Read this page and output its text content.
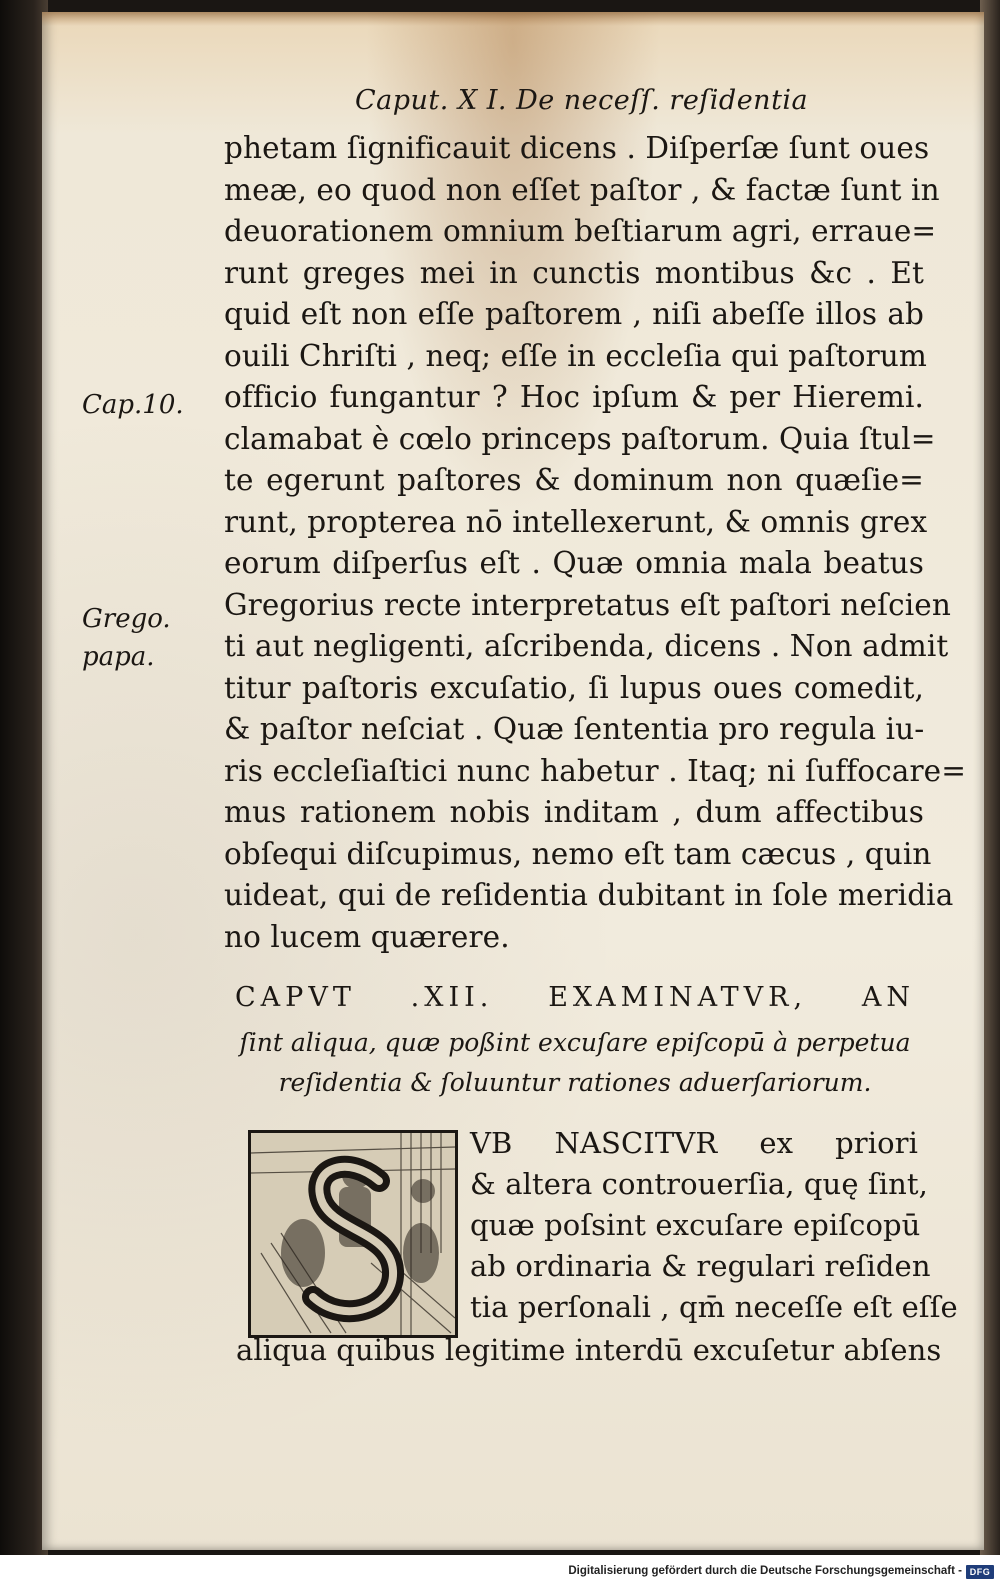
Caput. X I. De neceſſ. reſidentia
Cap.10.
Grego.
papa.
phetam ſignificauit dicens . Diſperſæ ſunt oues
meæ, eo quod non eſſet paſtor , & factæ ſunt in
deuorationem omnium beſtiarum agri, erraue=
runt greges mei in cunctis montibus &c . Et
quid eſt non eſſe paſtorem , niſi abeſſe illos ab
ouili Chriſti , neq; eſſe in eccleſia qui paſtorum
officio fungantur ? Hoc ipſum & per Hieremi.
clamabat è cœlo princeps paſtorum. Quia ſtul=
te egerunt paſtores & dominum non quæſie=
runt, propterea nō intellexerunt, & omnis grex
eorum diſperſus eſt . Quæ omnia mala beatus
Gregorius recte interpretatus eſt paſtori neſcien
ti aut negligenti, aſcribenda, dicens . Non admit
titur paſtoris excuſatio, ſi lupus oues comedit,
& paſtor neſciat . Quæ ſententia pro regula iu-
ris eccleſiaſtici nunc habetur . Itaq; ni ſuffocare=
mus rationem nobis inditam , dum affectibus
obſequi diſcupimus, nemo eſt tam cæcus , quin
uideat, qui de reſidentia dubitant in ſole meridia
no lucem quærere.
CAPVT .XII. EXAMINATVR, AN
ſint aliqua, quæ poßint excuſare epiſcopū à perpetua
reſidentia & ſoluuntur rationes aduerſariorum.
VB NASCITVR ex priori
& altera controuerſia, quę ſint,
quæ poſsint excuſare epiſcopū
ab ordinaria & regulari reſiden
tia perſonali , qm̄ neceſſe eſt eſſe
aliqua quibus legitime interdū excuſetur abſens
Digitalisierung gefördert durch die Deutsche Forschungsgemeinschaft - DFG
